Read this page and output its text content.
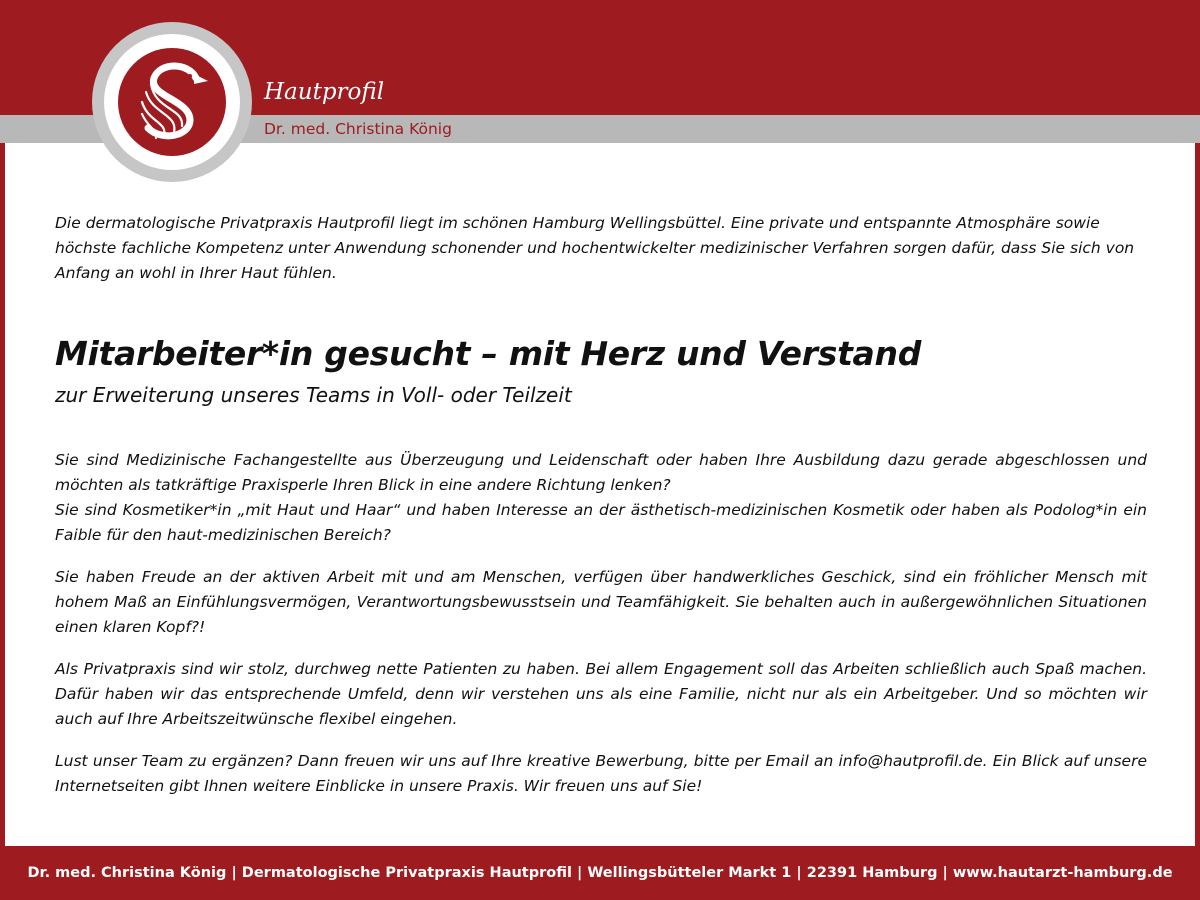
Hautprofil
Dr. med. Christina König

Die dermatologische Privatpraxis Hautprofil liegt im schönen Hamburg Wellingsbüttel. Eine private und entspannte Atmosphäre sowie höchste fachliche Kompetenz unter Anwendung schonender und hochentwickelter medizinischer Verfahren sorgen dafür, dass Sie sich von Anfang an wohl in Ihrer Haut fühlen.

Mitarbeiter*in gesucht – mit Herz und Verstand

zur Erweiterung unseres Teams in Voll- oder Teilzeit

Sie sind Medizinische Fachangestellte aus Überzeugung und Leidenschaft oder haben Ihre Ausbildung dazu gerade abgeschlossen und möchten als tatkräftige Praxisperle Ihren Blick in eine andere Richtung lenken?

Sie sind Kosmetiker*in „mit Haut und Haar“ und haben Interesse an der ästhetisch-medizinischen Kosmetik oder haben als Podolog*in ein Faible für den haut-medizinischen Bereich?

Sie haben Freude an der aktiven Arbeit mit und am Menschen, verfügen über handwerkliches Geschick, sind ein fröhlicher Mensch mit hohem Maß an Einfühlungsvermögen, Verantwortungsbewusstsein und Teamfähigkeit. Sie behalten auch in außergewöhnlichen Situationen einen klaren Kopf?!

Als Privatpraxis sind wir stolz, durchweg nette Patienten zu haben. Bei allem Engagement soll das Arbeiten schließlich auch Spaß machen. Dafür haben wir das entsprechende Umfeld, denn wir verstehen uns als eine Familie, nicht nur als ein Arbeitgeber. Und so möchten wir auch auf Ihre Arbeitszeitwünsche flexibel eingehen.

Lust unser Team zu ergänzen? Dann freuen wir uns auf Ihre kreative Bewerbung, bitte per Email an info@hautprofil.de. Ein Blick auf unsere Internetseiten gibt Ihnen weitere Einblicke in unsere Praxis. Wir freuen uns auf Sie!

Dr. med. Christina König | Dermatologische Privatpraxis Hautprofil | Wellingsbütteler Markt 1 | 22391 Hamburg | www.hautarzt-hamburg.de
